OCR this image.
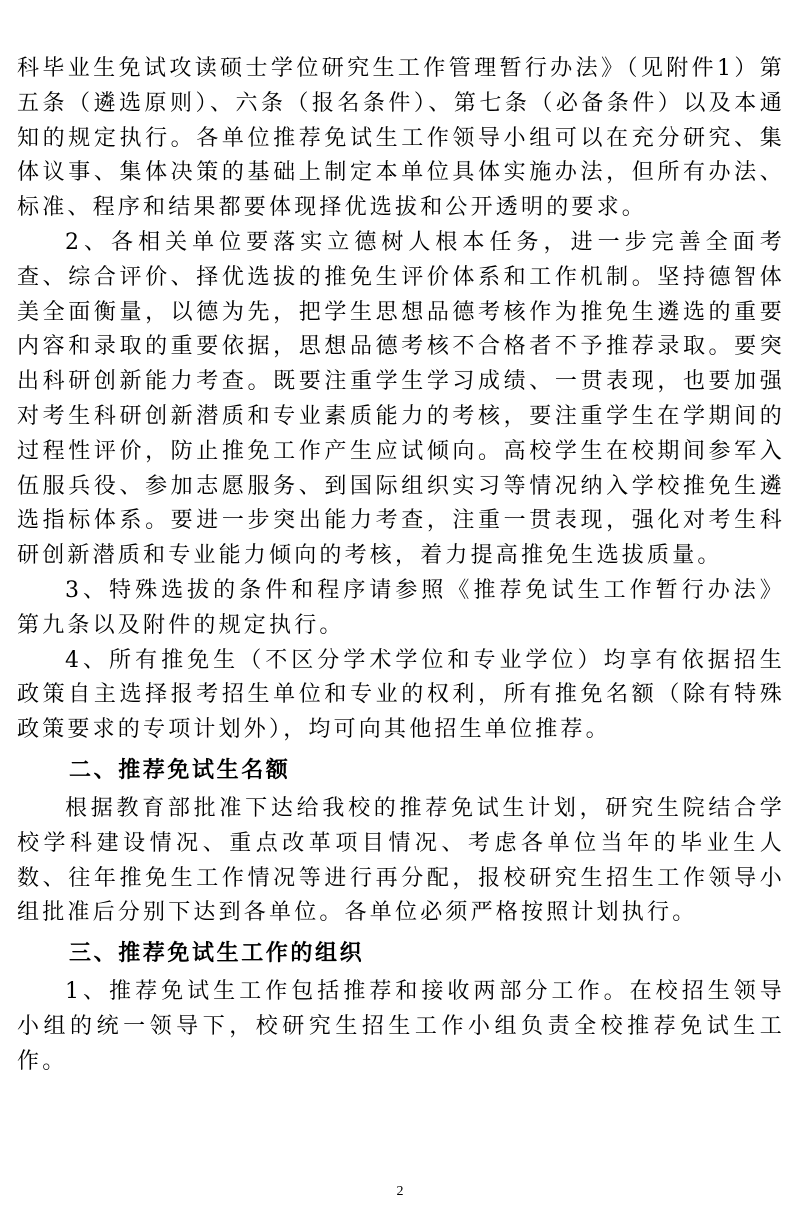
科毕业生免试攻读硕士学位研究生工作管理暂行办法》（见附件1）第五条（遴选原则）、六条（报名条件）、第七条（必备条件）以及本通知的规定执行。各单位推荐免试生工作领导小组可以在充分研究、集体议事、集体决策的基础上制定本单位具体实施办法，但所有办法、标准、程序和结果都要体现择优选拔和公开透明的要求。

2、各相关单位要落实立德树人根本任务，进一步完善全面考查、综合评价、择优选拔的推免生评价体系和工作机制。坚持德智体美全面衡量，以德为先，把学生思想品德考核作为推免生遴选的重要内容和录取的重要依据，思想品德考核不合格者不予推荐录取。要突出科研创新能力考查。既要注重学生学习成绩、一贯表现，也要加强对考生科研创新潜质和专业素质能力的考核，要注重学生在学期间的过程性评价，防止推免工作产生应试倾向。高校学生在校期间参军入伍服兵役、参加志愿服务、到国际组织实习等情况纳入学校推免生遴选指标体系。要进一步突出能力考查，注重一贯表现，强化对考生科研创新潜质和专业能力倾向的考核，着力提高推免生选拔质量。

3、特殊选拔的条件和程序请参照《推荐免试生工作暂行办法》第九条以及附件的规定执行。

4、所有推免生（不区分学术学位和专业学位）均享有依据招生政策自主选择报考招生单位和专业的权利，所有推免名额（除有特殊政策要求的专项计划外），均可向其他招生单位推荐。

二、推荐免试生名额

根据教育部批准下达给我校的推荐免试生计划，研究生院结合学校学科建设情况、重点改革项目情况、考虑各单位当年的毕业生人数、往年推免生工作情况等进行再分配，报校研究生招生工作领导小组批准后分别下达到各单位。各单位必须严格按照计划执行。

三、推荐免试生工作的组织

1、推荐免试生工作包括推荐和接收两部分工作。在校招生领导小组的统一领导下，校研究生招生工作小组负责全校推荐免试生工作。

2
